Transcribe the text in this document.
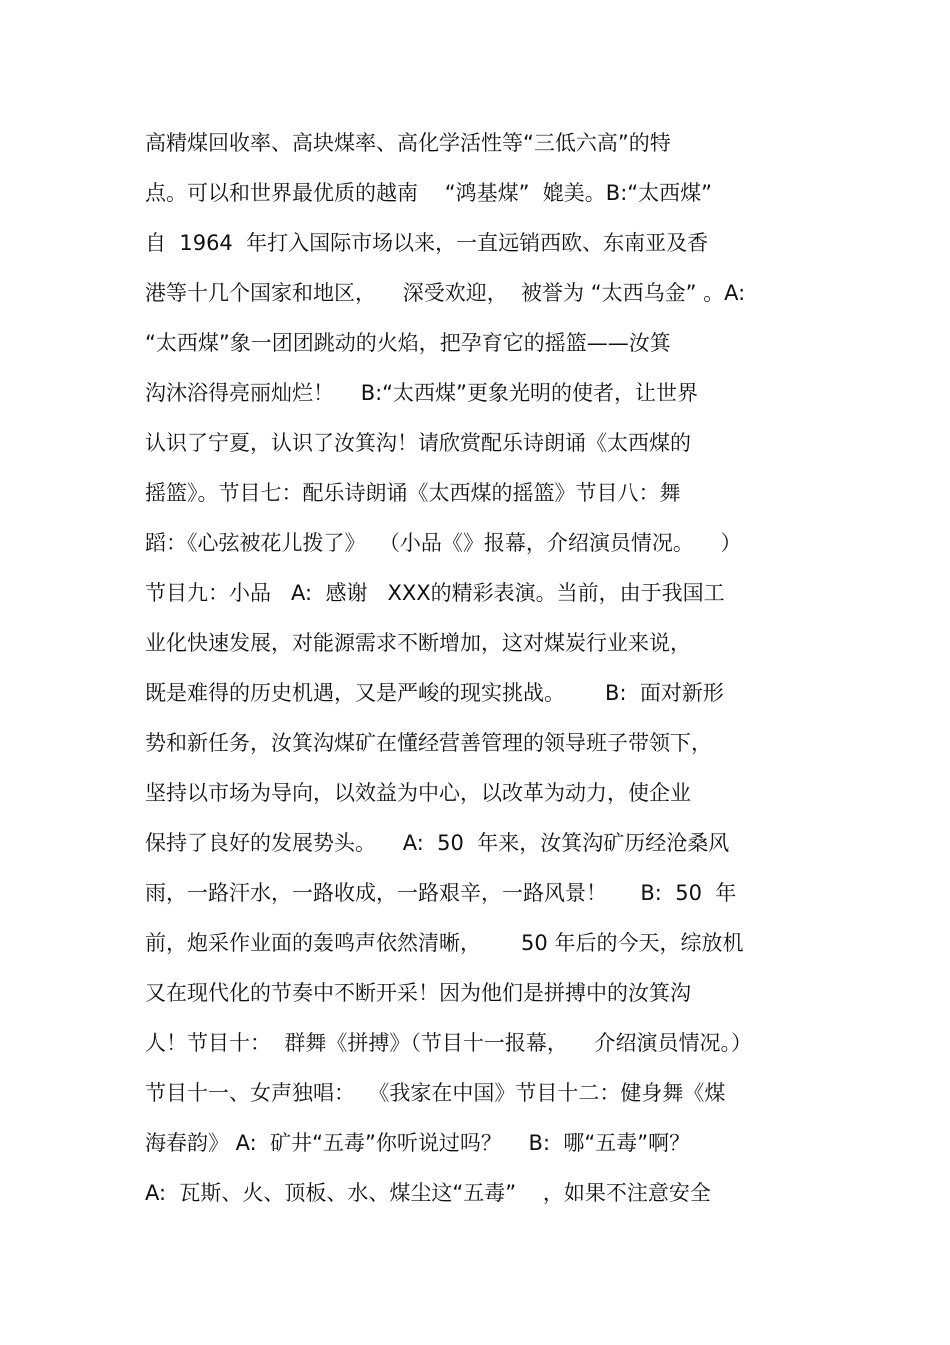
高精煤回收率、高块煤率、高化学活性等“三低六高”的特
点。可以和世界最优质的越南    “鸿基煤”  媲美。B:“太西煤”
自  1964  年打入国际市场以来，一直远销西欧、东南亚及香
港等十几个国家和地区，    深受欢迎，  被誉为 “太西乌金” 。A:
“太西煤”象一团团跳动的火焰，把孕育它的摇篮——汝箕
沟沐浴得亮丽灿烂！    B:“太西煤”更象光明的使者，让世界
认识了宁夏，认识了汝箕沟！请欣赏配乐诗朗诵《太西煤的
摇篮》。节目七：配乐诗朗诵《太西煤的摇篮》节目八：舞
蹈：《心弦被花儿拨了》  （小品《》报幕，介绍演员情况。    ）
节目九：小品   A:  感谢   XXX的精彩表演。当前，由于我国工
业化快速发展，对能源需求不断增加，这对煤炭行业来说，
既是难得的历史机遇，又是严峻的现实挑战。      B:  面对新形
势和新任务，汝箕沟煤矿在懂经营善管理的领导班子带领下，
坚持以市场为导向，以效益为中心，以改革为动力，使企业
保持了良好的发展势头。    A:  50  年来，汝箕沟矿历经沧桑风
雨，一路汗水，一路收成，一路艰辛，一路风景！     B:  50  年
前，炮采作业面的轰鸣声依然清晰，      50 年后的今天，综放机
又在现代化的节奏中不断开采！因为他们是拼搏中的汝箕沟
人！节目十：  群舞《拼搏》（节目十一报幕，    介绍演员情况。）
节目十一、女声独唱：  《我家在中国》节目十二：健身舞《煤
海春韵》 A:  矿井“五毒”你听说过吗？    B:  哪“五毒”啊？
A:  瓦斯、火、顶板、水、煤尘这“五毒”    ，如果不注意安全
